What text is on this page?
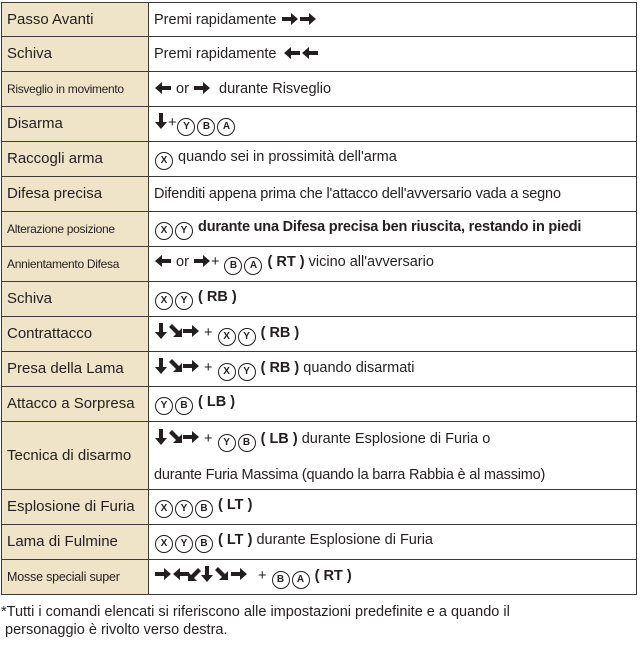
Passo Avanti	Premi rapidamente
Schiva	Premi rapidamente
Risveglio in movimento	or durante Risveglio
Disarma	+ Y B A
Raccogli arma	X quando sei in prossimità dell'arma
Difesa precisa	Difenditi appena prima che l'attacco dell'avversario vada a segno
Alterazione posizione	X Y durante una Difesa precisa ben riuscita, restando in piedi
Annientamento Difesa	or + B A ( RT ) vicino all'avversario
Schiva	X Y ( RB )
Contrattacco	+ X Y ( RB )
Presa della Lama	+ X Y ( RB ) quando disarmati
Attacco a Sorpresa	Y B ( LB )
Tecnica di disarmo	+ Y B ( LB ) durante Esplosione di Furia o
durante Furia Massima (quando la barra Rabbia è al massimo)

Esplosione di Furia	X Y B ( LT )
Lama di Fulmine	X Y B ( LT ) durante Esplosione di Furia
Mosse speciali super	+ B A ( RT )

*Tutti i comandi elencati si riferiscono alle impostazioni predefinite e a quando il
personaggio è rivolto verso destra.
